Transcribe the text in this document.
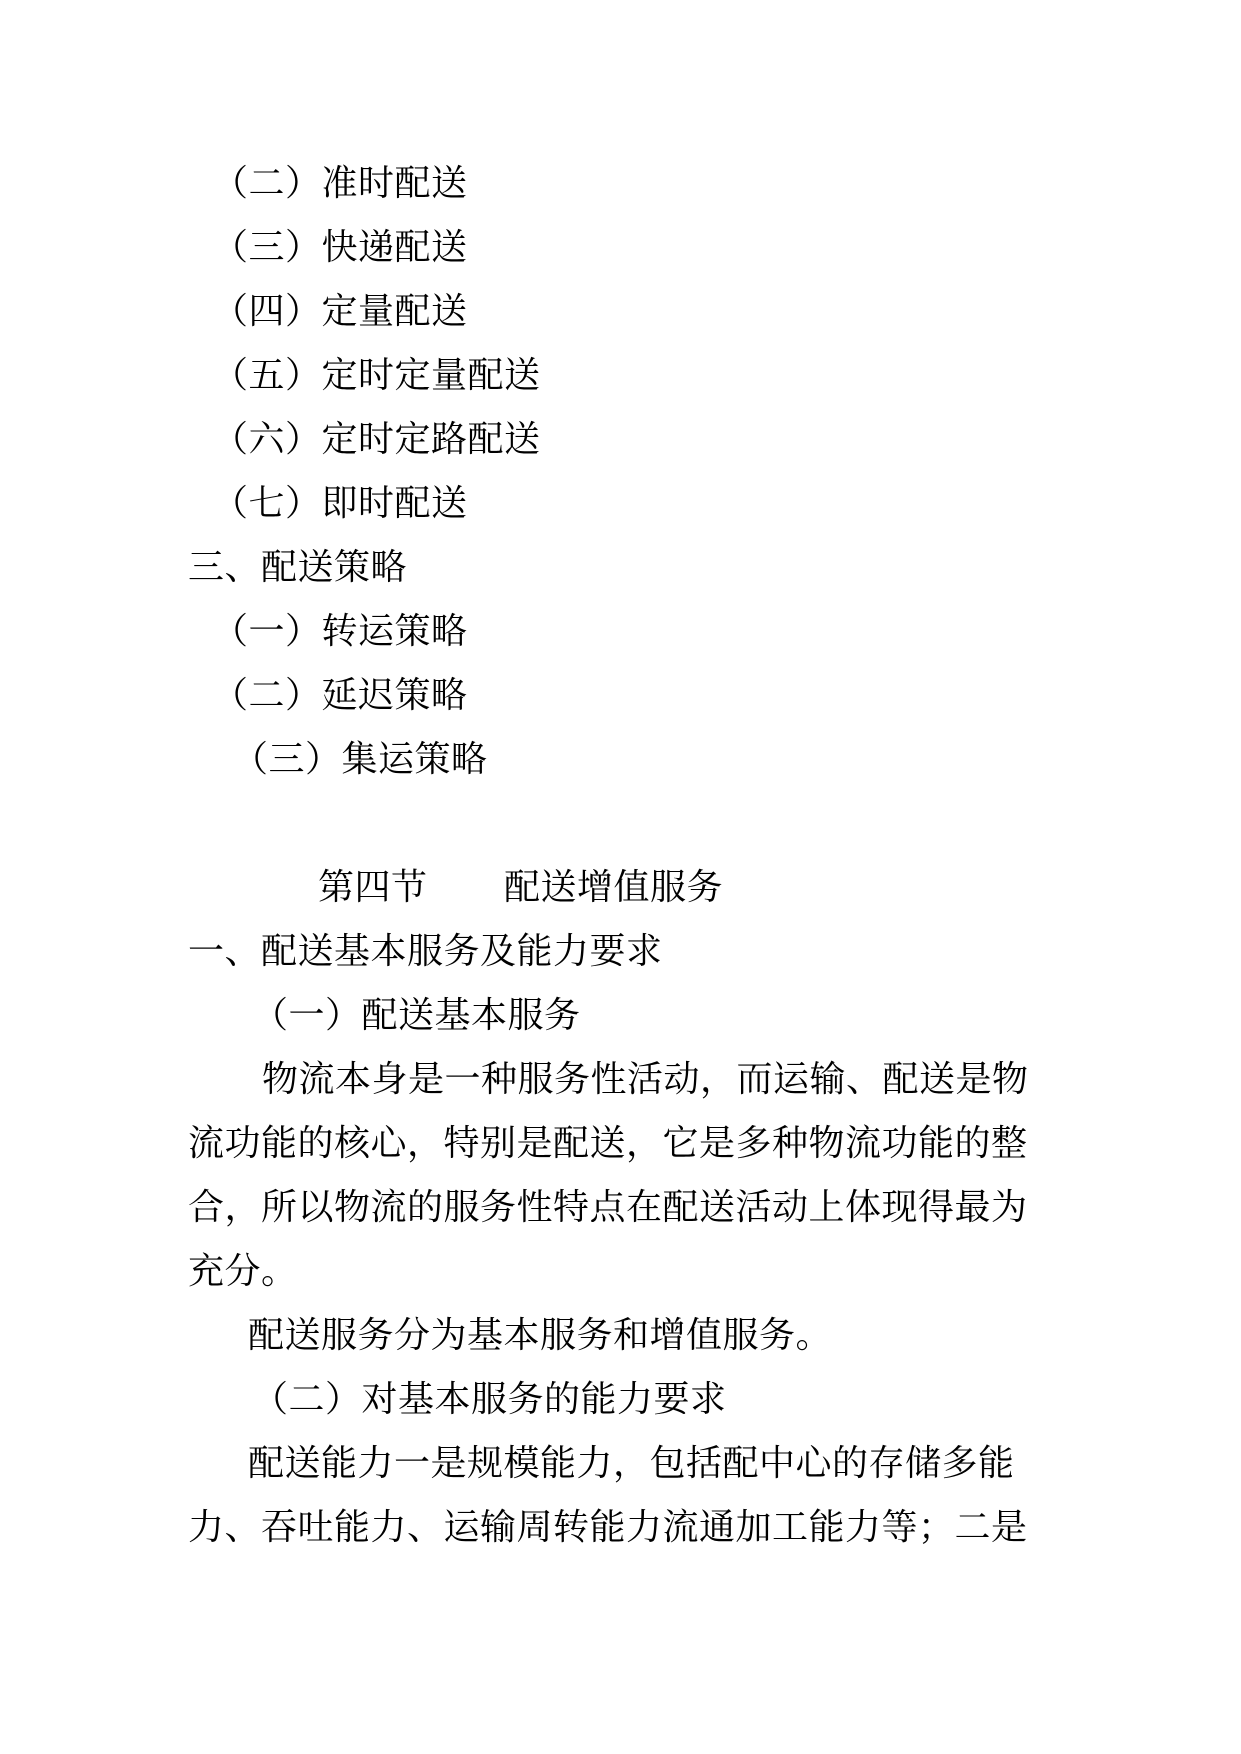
（二）准时配送
（三）快递配送
（四）定量配送
（五）定时定量配送
（六）定时定路配送
（七）即时配送
三、配送策略
（一）转运策略
（二）延迟策略
（三）集运策略
第四节 配送增值服务
一、配送基本服务及能力要求
（一）配送基本服务
物流本身是一种服务性活动，而运输、配送是物
流功能的核心，特别是配送，它是多种物流功能的整
合，所以物流的服务性特点在配送活动上体现得最为
充分。
配送服务分为基本服务和增值服务。
（二）对基本服务的能力要求
配送能力一是规模能力，包括配中心的存储多能
力、吞吐能力、运输周转能力流通加工能力等；二是
